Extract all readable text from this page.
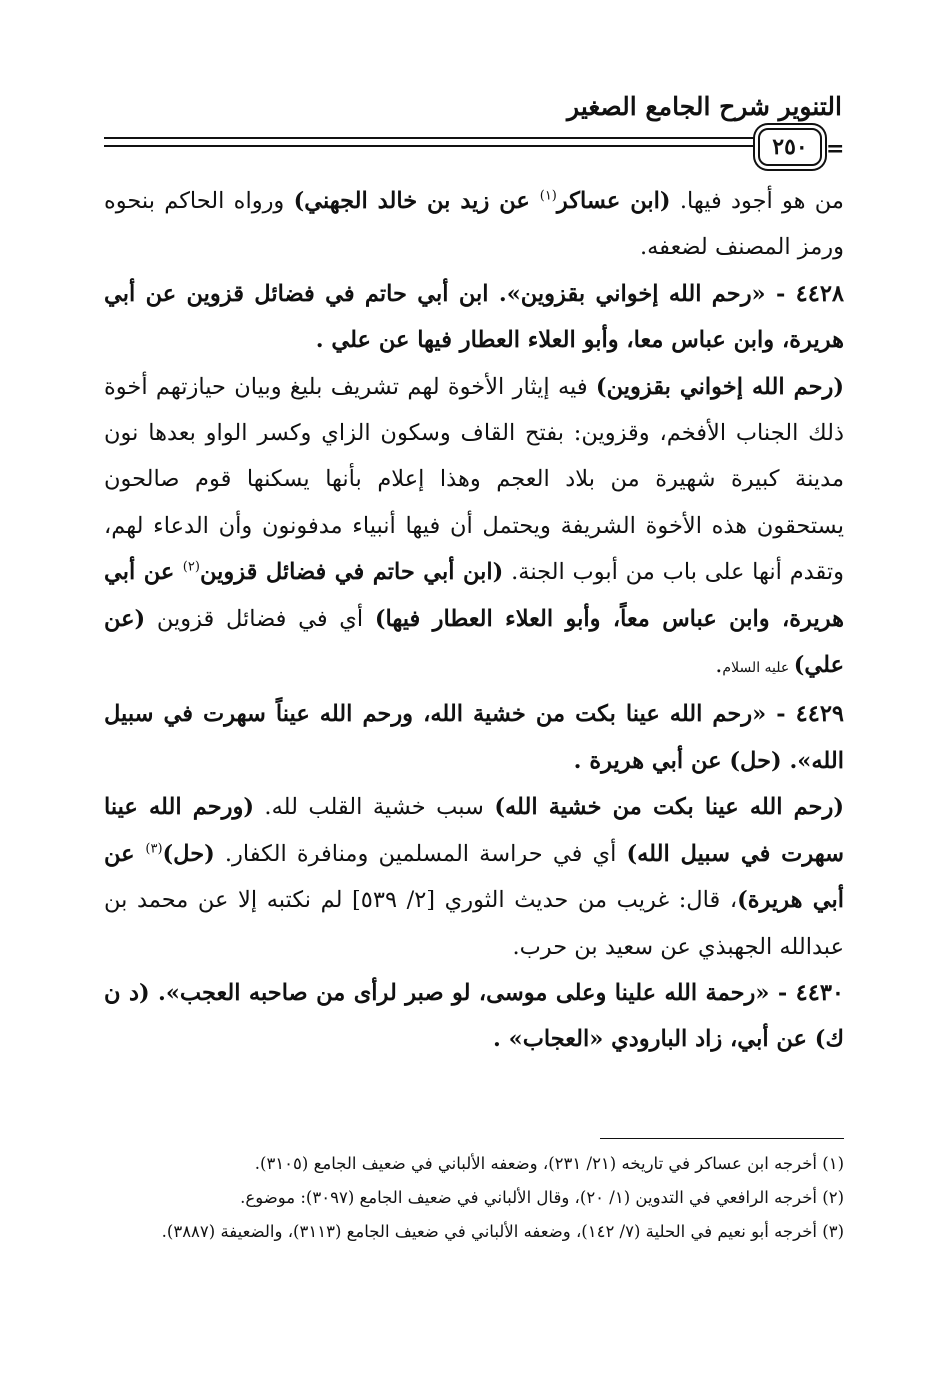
التنوير شرح الجامع الصغير
٢٥٠ =

من هو أجود فيها. (ابن عساكر$^{(١)}$ عن زيد بن خالد الجهني) ورواه الحاكم بنحوه ورمز المصنف لضعفه.

٤٤٢٨ - «رحم الله إخواني بقزوين». ابن أبي حاتم في فضائل قزوين عن أبي هريرة، وابن عباس معا، وأبو العلاء العطار فيها عن علي .

(رحم الله إخواني بقزوين) فيه إيثار الأخوة لهم تشريف بليغ وبيان حيازتهم أخوة ذلك الجناب الأفخم، وقزوين: بفتح القاف وسكون الزاي وكسر الواو بعدها نون مدينة كبيرة شهيرة من بلاد العجم وهذا إعلام بأنها يسكنها قوم صالحون يستحقون هذه الأخوة الشريفة ويحتمل أن فيها أنبياء مدفونون وأن الدعاء لهم، وتقدم أنها على باب من أبوب الجنة. (ابن أبي حاتم في فضائل قزوين$^{(٢)}$ عن أبي هريرة، وابن عباس معاً، وأبو العلاء العطار فيها) أي في فضائل قزوين (عن علي) عليه السلام.

٤٤٢٩ - «رحم الله عينا بكت من خشية الله، ورحم الله عيناً سهرت في سبيل الله». (حل) عن أبي هريرة .

(رحم الله عينا بكت من خشية الله) سبب خشية القلب لله. (ورحم الله عينا سهرت في سبيل الله) أي في حراسة المسلمين ومنافرة الكفار. (حل)$^{(٣)}$ عن أبي هريرة)، قال: غريب من حديث الثوري [٢/ ٥٣٩] لم نكتبه إلا عن محمد بن عبدالله الجهبذي عن سعيد بن حرب.

٤٤٣٠ - «رحمة الله علينا وعلى موسى، لو صبر لرأى من صاحبه العجب». (د ن ك) عن أبي، زاد البارودي «العجاب» .

(١) أخرجه ابن عساكر في تاريخه (٢١/ ٢٣١)، وضعفه الألباني في ضعيف الجامع (٣١٠٥).

(٢) أخرجه الرافعي في التدوين (١/ ٢٠)، وقال الألباني في ضعيف الجامع (٣٠٩٧): موضوع.

(٣) أخرجه أبو نعيم في الحلية (٧/ ١٤٢)، وضعفه الألباني في ضعيف الجامع (٣١١٣)، والضعيفة (٣٨٨٧).
